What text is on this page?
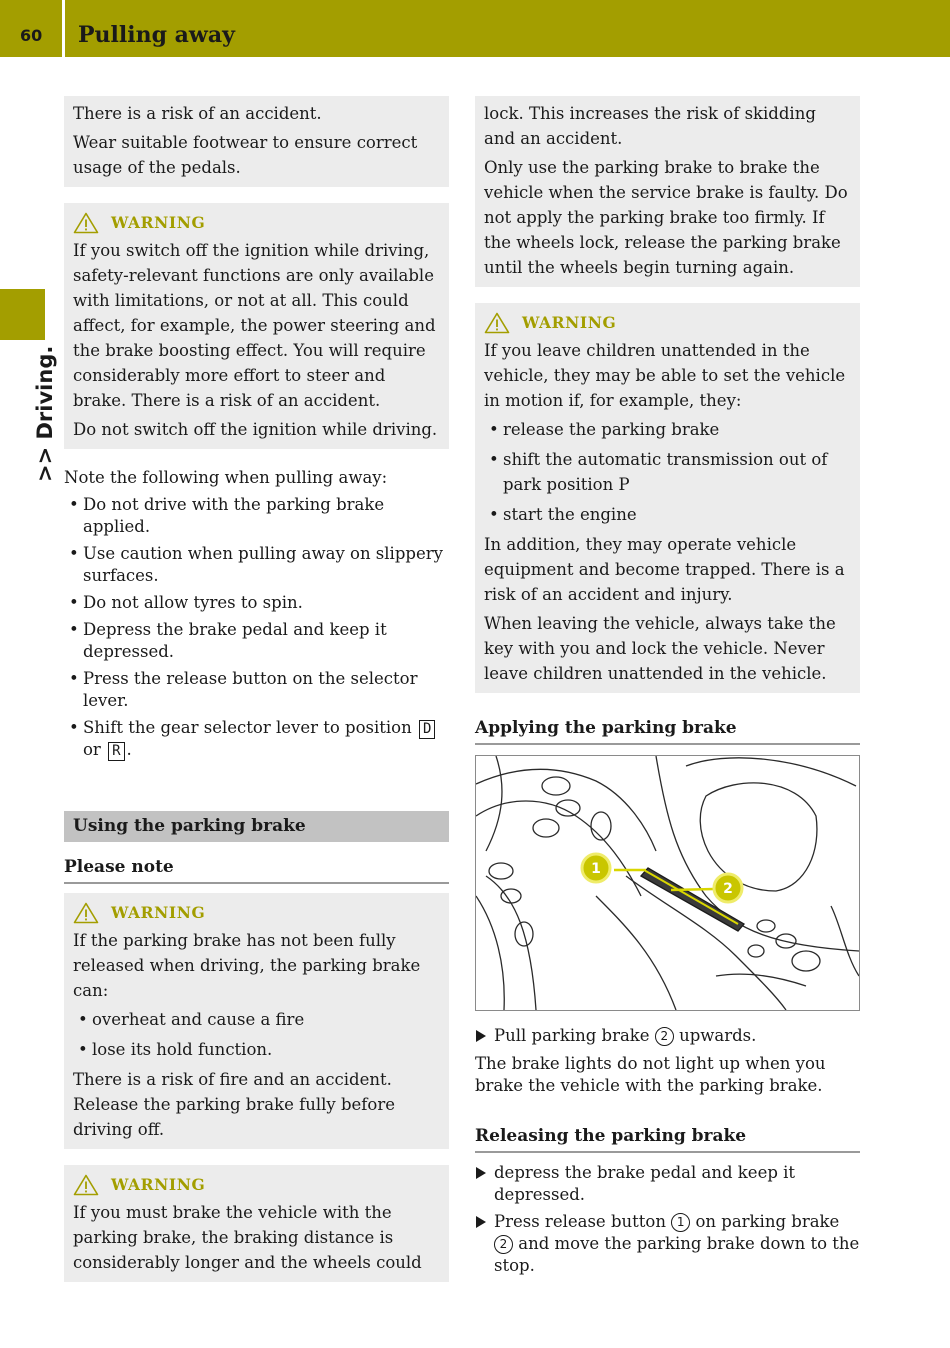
60	Pulling away
>> Driving.

There is a risk of an accident.

Wear suitable footwear to ensure correct usage of the pedals.

WARNING

If you switch off the ignition while driving, safety-relevant functions are only available with limitations, or not at all. This could affect, for example, the power steering and the brake boosting effect. You will require considerably more effort to steer and brake. There is a risk of an accident.

Do not switch off the ignition while driving.

Note the following when pulling away:

• Do not drive with the parking brake applied.
• Use caution when pulling away on slippery surfaces.
• Do not allow tyres to spin.
• Depress the brake pedal and keep it depressed.
• Press the release button on the selector lever.
• Shift the gear selector lever to position D or R .
Using the parking brake
Please note
WARNING

If the parking brake has not been fully released when driving, the parking brake can:

• overheat and cause a fire
• lose its hold function.

There is a risk of fire and an accident. Release the parking brake fully before driving off.

WARNING

If you must brake the vehicle with the parking brake, the braking distance is considerably longer and the wheels could

lock. This increases the risk of skidding and an accident.

Only use the parking brake to brake the vehicle when the service brake is faulty. Do not apply the parking brake too firmly. If the wheels lock, release the parking brake until the wheels begin turning again.

WARNING

If you leave children unattended in the vehicle, they may be able to set the vehicle in motion if, for example, they:

• release the parking brake
• shift the automatic transmission out of park position P
• start the engine

In addition, they may operate vehicle equipment and become trapped. There is a risk of an accident and injury.

When leaving the vehicle, always take the key with you and lock the vehicle. Never leave children unattended in the vehicle.

Applying the parking brake
1
2
Pull parking brake 2 upwards.

The brake lights do not light up when you brake the vehicle with the parking brake.

Releasing the parking brake
depress the brake pedal and keep it depressed.
Press release button 1 on parking brake 2 and move the parking brake down to the stop.
